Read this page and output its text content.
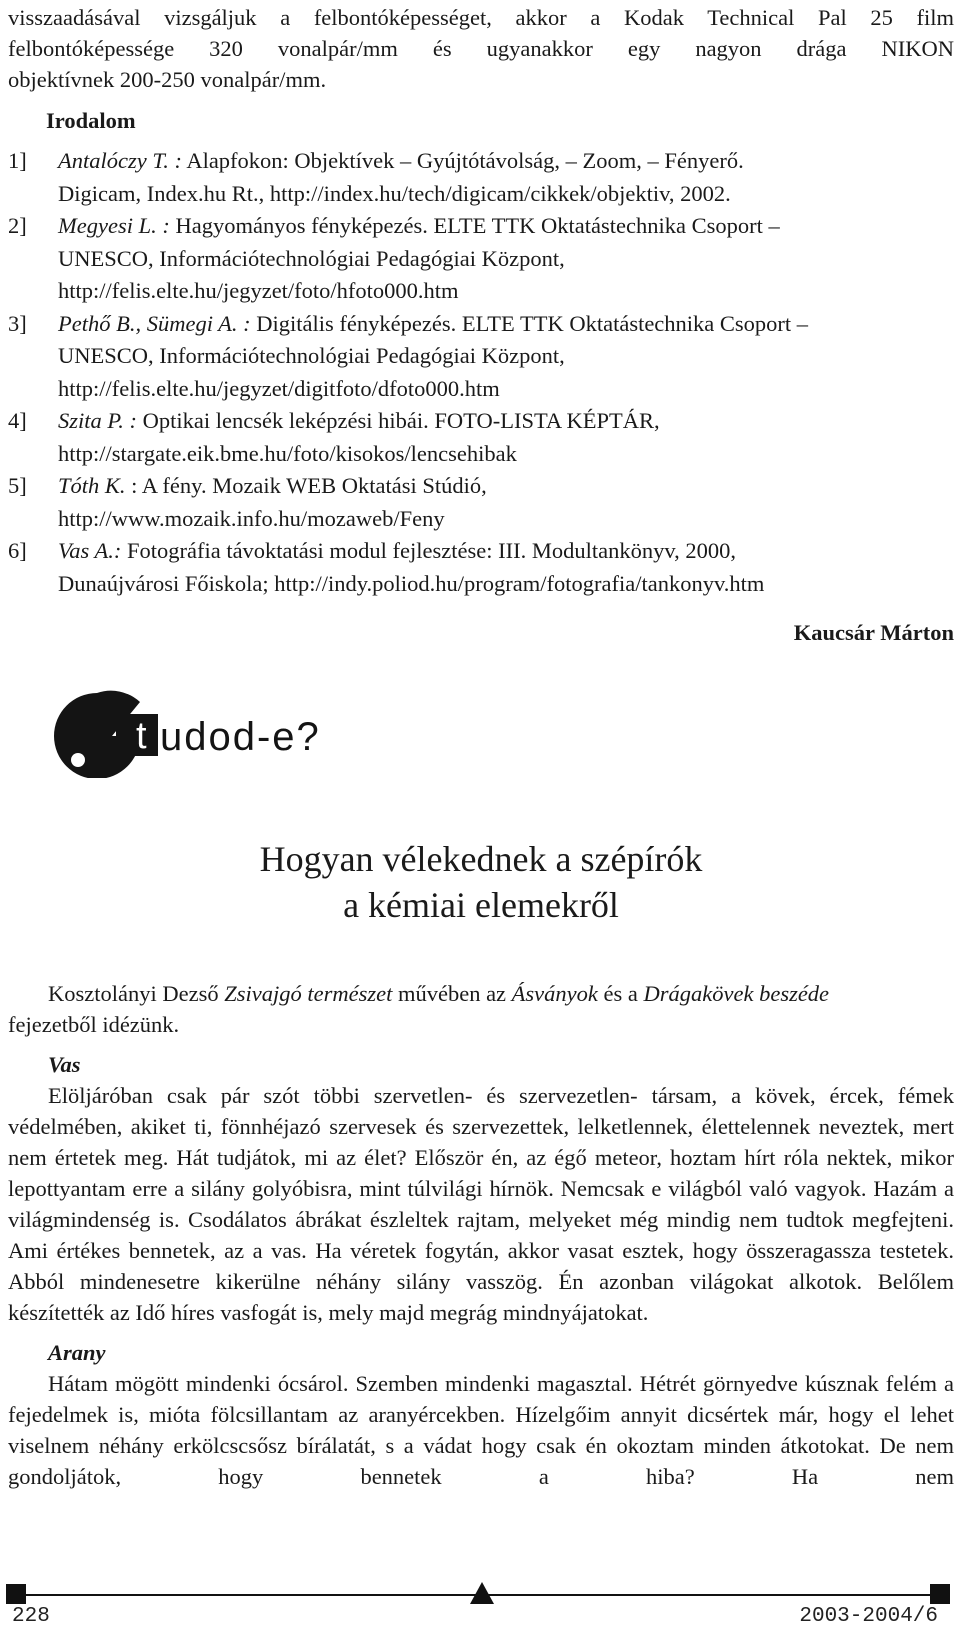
visszaadásával vizsgáljuk a felbontóképességet, akkor a Kodak Technical Pal 25 film

felbontóképessége 320 vonalpár/mm és ugyanakkor egy nagyon drága NIKON

objektívnek 200-250 vonalpár/mm.

Irodalom
1] Antalóczy T. : Alapfokon: Objektívek – Gyújtótávolság, – Zoom, – Fényerő.
Digicam, Index.hu Rt., http://index.hu/tech/digicam/cikkek/objektiv, 2002.
2] Megyesi L. : Hagyományos fényképezés. ELTE TTK Oktatástechnika Csoport –
UNESCO, Információtechnológiai Pedagógiai Központ,
http://felis.elte.hu/jegyzet/foto/hfoto000.htm
3] Pethő B., Sümegi A. : Digitális fényképezés. ELTE TTK Oktatástechnika Csoport –
UNESCO, Információtechnológiai Pedagógiai Központ,
http://felis.elte.hu/jegyzet/digitfoto/dfoto000.htm
4] Szita P. : Optikai lencsék leképzési hibái. FOTO-LISTA KÉPTÁR,
http://stargate.eik.bme.hu/foto/kisokos/lencsehibak
5] Tóth K. : A fény. Mozaik WEB Oktatási Stúdió,
http://www.mozaik.info.hu/mozaweb/Feny
6] Vas A.: Fotográfia távoktatási modul fejlesztése: III. Modultankönyv, 2000,
Dunaújvárosi Főiskola; http://indy.poliod.hu/program/fotografia/tankonyv.htm
Kaucsár Márton
t udod-e?
Hogyan vélekednek a szépírók
a kémiai elemekről

Kosztolányi Dezső Zsivajgó természet művében az Ásványok és a Drágakövek beszéde
fejezetből idézünk.

Vas

Elöljáróban csak pár szót többi szervetlen- és szervezetlen- társam, a kövek, ércek, fémek védelmében, akiket ti, fönnhéjazó szervesek és szervezettek, lelketlennek, élettelennek neveztek, mert nem értetek meg. Hát tudjátok, mi az élet? Először én, az égő meteor, hoztam hírt róla nektek, mikor lepottyantam erre a silány golyóbisra, mint túlvilági hírnök. Nemcsak e világból való vagyok. Hazám a világmindenség is. Csodálatos ábrákat észleltek rajtam, melyeket még mindig nem tudtok megfejteni. Ami értékes bennetek, az a vas. Ha véretek fogytán, akkor vasat esztek, hogy összeragassza testetek. Abból mindenesetre kikerülne néhány silány vasszög. Én azonban világokat alkotok. Belőlem készítették az Idő híres vasfogát is, mely majd megrág mindnyájatokat.

Arany

Hátam mögött mindenki ócsárol. Szemben mindenki magasztal. Hétrét görnyedve kúsznak felém a fejedelmek is, mióta fölcsillantam az aranyércekben. Hízelgőim annyit dicsértek már, hogy el lehet viselnem néhány erkölcscsősz bírálatát, s a vádat hogy csak én okoztam minden átkotokat. De nem gondoljátok, hogy bennetek a hiba? Ha nem

228	2003-2004/6
